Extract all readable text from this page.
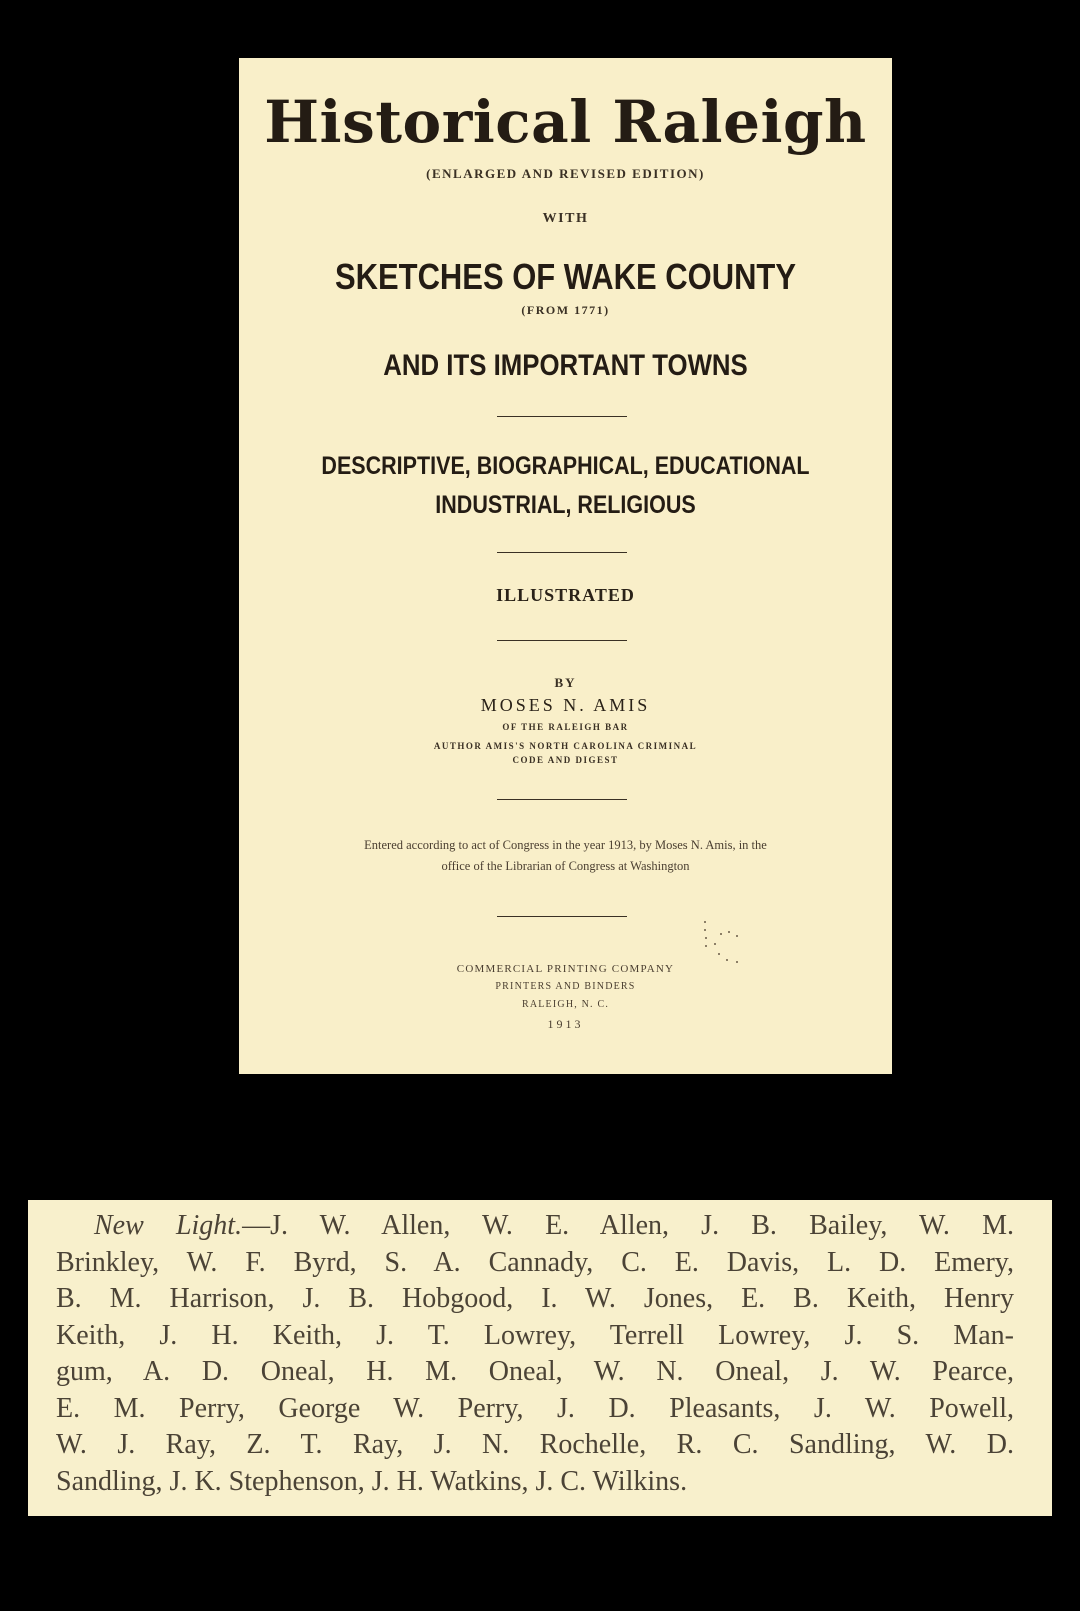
Historical Raleigh
(ENLARGED AND REVISED EDITION)
WITH
SKETCHES OF WAKE COUNTY
(FROM 1771)
AND ITS IMPORTANT TOWNS
DESCRIPTIVE, BIOGRAPHICAL, EDUCATIONAL
INDUSTRIAL, RELIGIOUS
ILLUSTRATED
BY
MOSES N. AMIS
OF THE RALEIGH BAR
AUTHOR AMIS'S NORTH CAROLINA CRIMINAL
CODE AND DIGEST
Entered according to act of Congress in the year 1913, by Moses N. Amis, in the
office of the Librarian of Congress at Washington
COMMERCIAL PRINTING COMPANY
PRINTERS AND BINDERS
RALEIGH, N. C.
1913
New Light.—J. W. Allen, W. E. Allen, J. B. Bailey, W. M.
Brinkley, W. F. Byrd, S. A. Cannady, C. E. Davis, L. D. Emery,
B. M. Harrison, J. B. Hobgood, I. W. Jones, E. B. Keith, Henry
Keith, J. H. Keith, J. T. Lowrey, Terrell Lowrey, J. S. Man-
gum, A. D. Oneal, H. M. Oneal, W. N. Oneal, J. W. Pearce,
E. M. Perry, George W. Perry, J. D. Pleasants, J. W. Powell,
W. J. Ray, Z. T. Ray, J. N. Rochelle, R. C. Sandling, W. D.
Sandling, J. K. Stephenson, J. H. Watkins, J. C. Wilkins.
